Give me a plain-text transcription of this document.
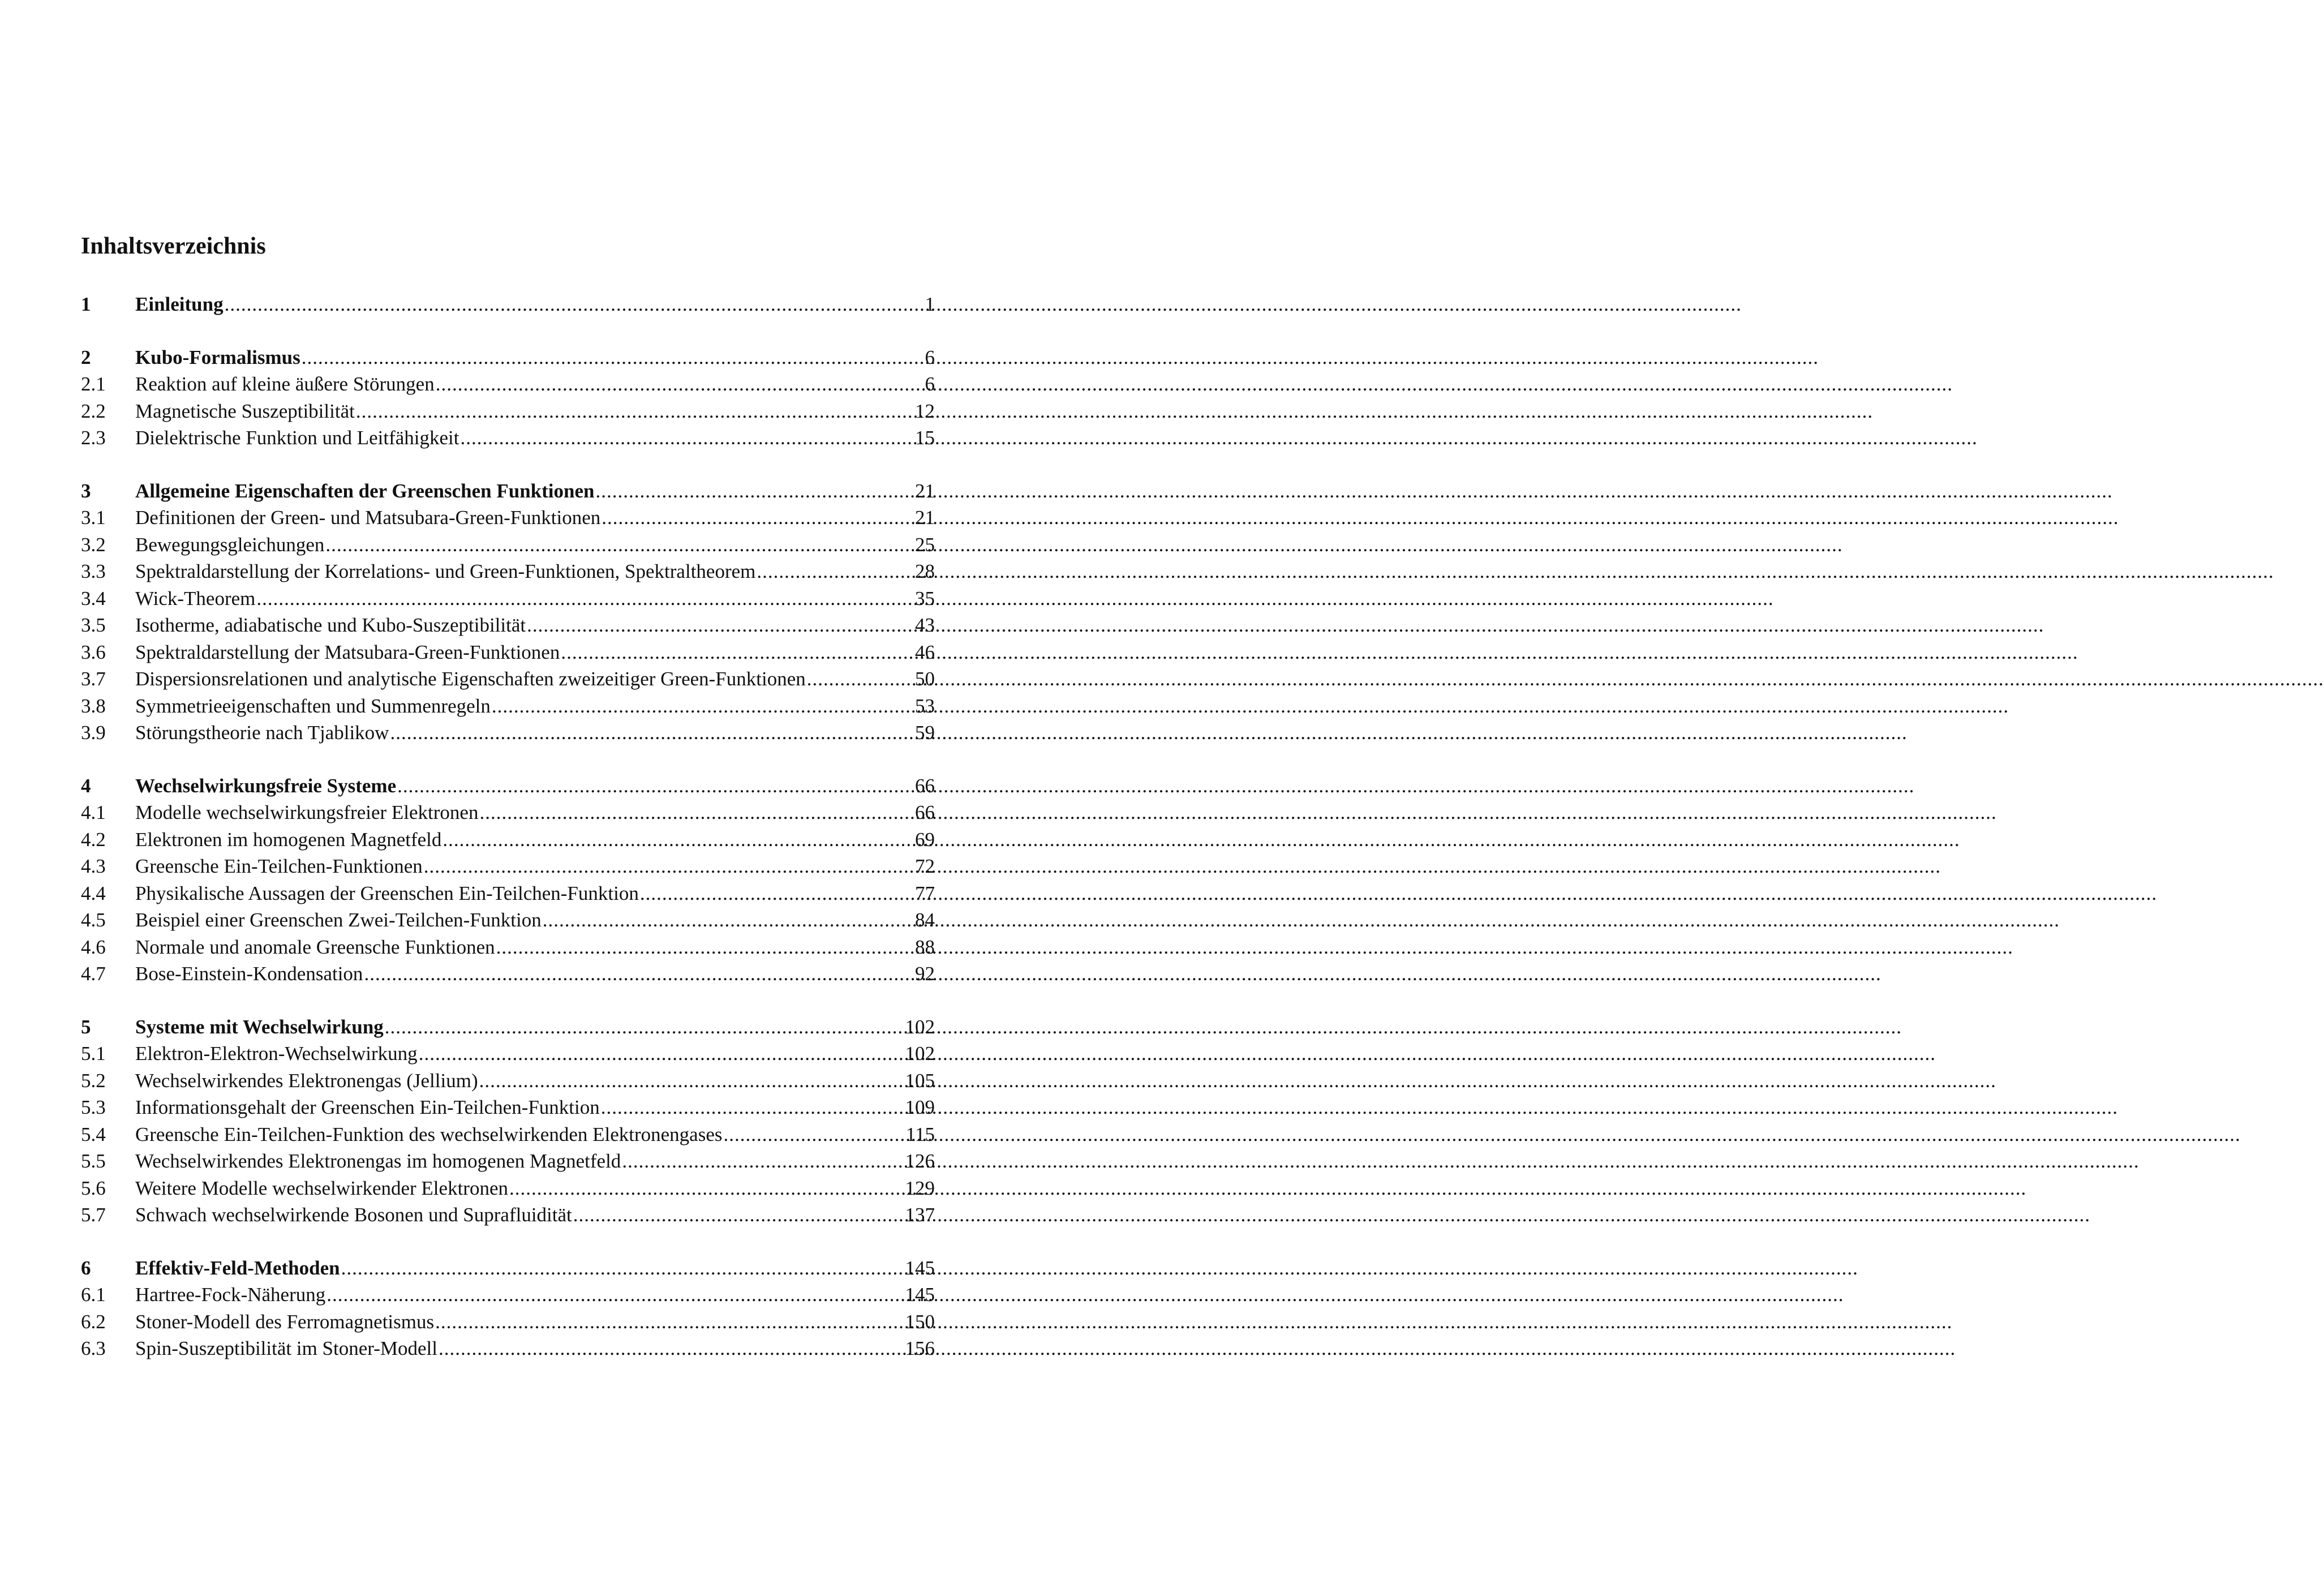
Inhaltsverzeichnis
1	Einleitung .....	1
2	Kubo-Formalismus .....	6
2.1	Reaktion auf kleine äußere Störungen .....	6
2.2	Magnetische Suszeptibilität .....	12
2.3	Dielektrische Funktion und Leitfähigkeit .....	15
3	Allgemeine Eigenschaften der Greenschen Funktionen .....	21
3.1	Definitionen der Green- und Matsubara-Green-Funktionen .....	21
3.2	Bewegungsgleichungen .....	25
3.3	Spektraldarstellung der Korrelations- und Green-Funktionen, Spektraltheorem .....	28
3.4	Wick-Theorem .....	35
3.5	Isotherme, adiabatische und Kubo-Suszeptibilität .....	43
3.6	Spektraldarstellung der Matsubara-Green-Funktionen .....	46
3.7	Dispersionsrelationen und analytische Eigenschaften zweizeitiger Green-Funktionen .....	50
3.8	Symmetrieeigenschaften und Summenregeln .....	53
3.9	Störungstheorie nach Tjablikow .....	59
4	Wechselwirkungsfreie Systeme .....	66
4.1	Modelle wechselwirkungsfreier Elektronen .....	66
4.2	Elektronen im homogenen Magnetfeld .....	69
4.3	Greensche Ein-Teilchen-Funktionen .....	72
4.4	Physikalische Aussagen der Greenschen Ein-Teilchen-Funktion .....	77
4.5	Beispiel einer Greenschen Zwei-Teilchen-Funktion .....	84
4.6	Normale und anomale Greensche Funktionen .....	88
4.7	Bose-Einstein-Kondensation .....	92
5	Systeme mit Wechselwirkung .....	102
5.1	Elektron-Elektron-Wechselwirkung .....	102
5.2	Wechselwirkendes Elektronengas (Jellium) .....	105
5.3	Informationsgehalt der Greenschen Ein-Teilchen-Funktion .....	109
5.4	Greensche Ein-Teilchen-Funktion des wechselwirkenden Elektronengases .....	115
5.5	Wechselwirkendes Elektronengas im homogenen Magnetfeld .....	126
5.6	Weitere Modelle wechselwirkender Elektronen .....	129
5.7	Schwach wechselwirkende Bosonen und Suprafluidität .....	137
6	Effektiv-Feld-Methoden .....	145
6.1	Hartree-Fock-Näherung .....	145
6.2	Stoner-Modell des Ferromagnetismus .....	150
6.3	Spin-Suszeptibilität im Stoner-Modell .....	156
